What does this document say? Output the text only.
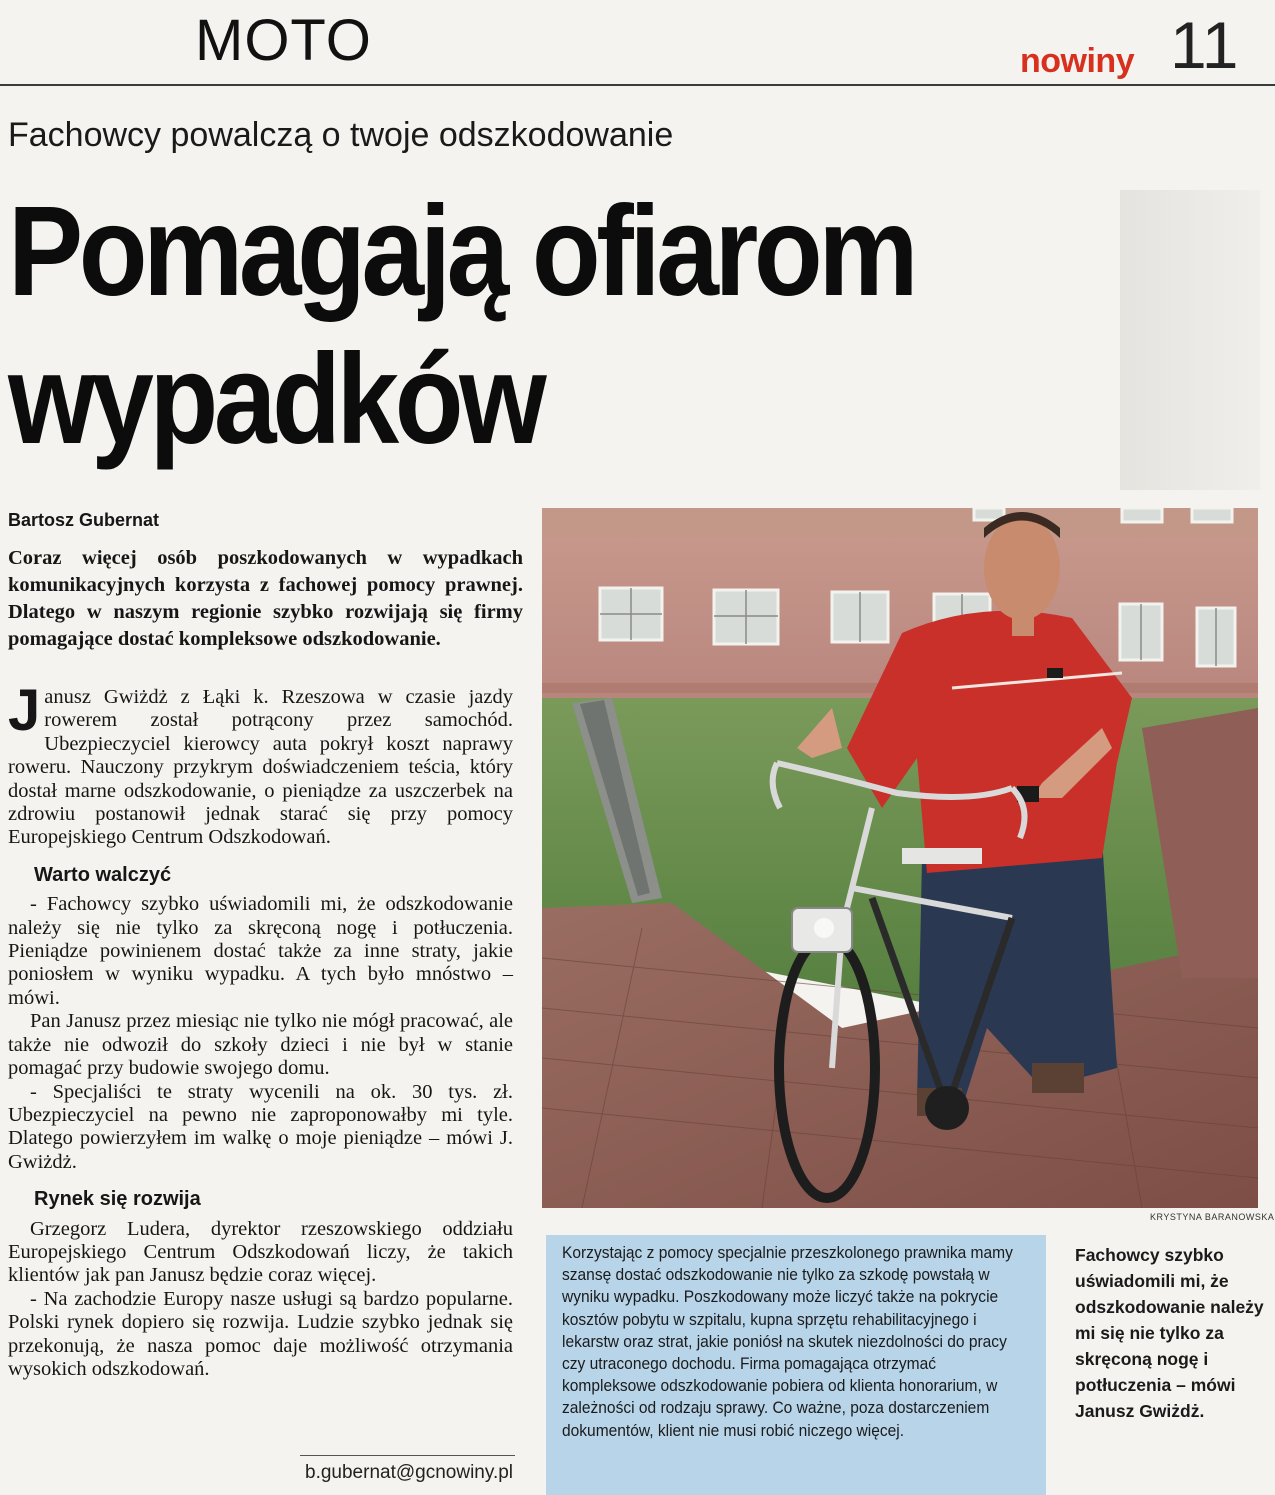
MOTO	nowiny 11
Fachowcy powalczą o twoje odszkodowanie
Pomagają ofiarom
wypadków
Bartosz Gubernat
Coraz więcej osób poszkodowanych w wypadkach komunikacyjnych korzysta z fachowej pomocy prawnej. Dlatego w naszym regionie szybko rozwijają się firmy pomagające dostać kompleksowe odszkodowanie.

Janusz Gwiżdż z Łąki k. Rzeszowa w czasie jazdy rowerem został potrącony przez samochód. Ubezpieczyciel kierowcy auta pokrył koszt naprawy roweru. Nauczony przykrym doświadczeniem teścia, który dostał marne odszkodowanie, o pieniądze za uszczerbek na zdrowiu postanowił jednak starać się przy pomocy Europejskiego Centrum Odszkodowań.

Warto walczyć

- Fachowcy szybko uświadomili mi, że odszkodowanie należy się nie tylko za skręconą nogę i potłuczenia. Pieniądze powinienem dostać także za inne straty, jakie poniosłem w wyniku wypadku. A tych było mnóstwo – mówi.

Pan Janusz przez miesiąc nie tylko nie mógł pracować, ale także nie odwoził do szkoły dzieci i nie był w stanie pomagać przy budowie swojego domu.

- Specjaliści te straty wycenili na ok. 30 tys. zł. Ubezpieczyciel na pewno nie zaproponowałby mi tyle. Dlatego powierzyłem im walkę o moje pieniądze – mówi J. Gwiżdż.

Rynek się rozwija

Grzegorz Ludera, dyrektor rzeszowskiego oddziału Europejskiego Centrum Odszkodowań liczy, że takich klientów jak pan Janusz będzie coraz więcej.

- Na zachodzie Europy nasze usługi są bardzo popularne. Polski rynek dopiero się rozwija. Ludzie szybko jednak się przekonują, że nasza pomoc daje możliwość otrzymania wysokich odszkodowań.

b.gubernat@gcnowiny.pl
KRYSTYNA BARANOWSKA
Korzystając z pomocy specjalnie przeszkolonego prawnika mamy szansę dostać odszkodowanie nie tylko za szkodę powstałą w wyniku wypadku. Poszkodowany może liczyć także na pokrycie kosztów pobytu w szpitalu, kupna sprzętu rehabilitacyjnego i lekarstw oraz strat, jakie poniósł na skutek niezdolności do pracy czy utraconego dochodu. Firma pomagająca otrzymać kompleksowe odszkodowanie pobiera od klienta honorarium, w zależności od rodzaju sprawy. Co ważne, poza dostarczeniem dokumentów, klient nie musi robić niczego więcej.
Fachowcy szybko uświadomili mi, że odszkodowanie należy mi się nie tylko za skręconą nogę i potłuczenia – mówi Janusz Gwiżdż.
